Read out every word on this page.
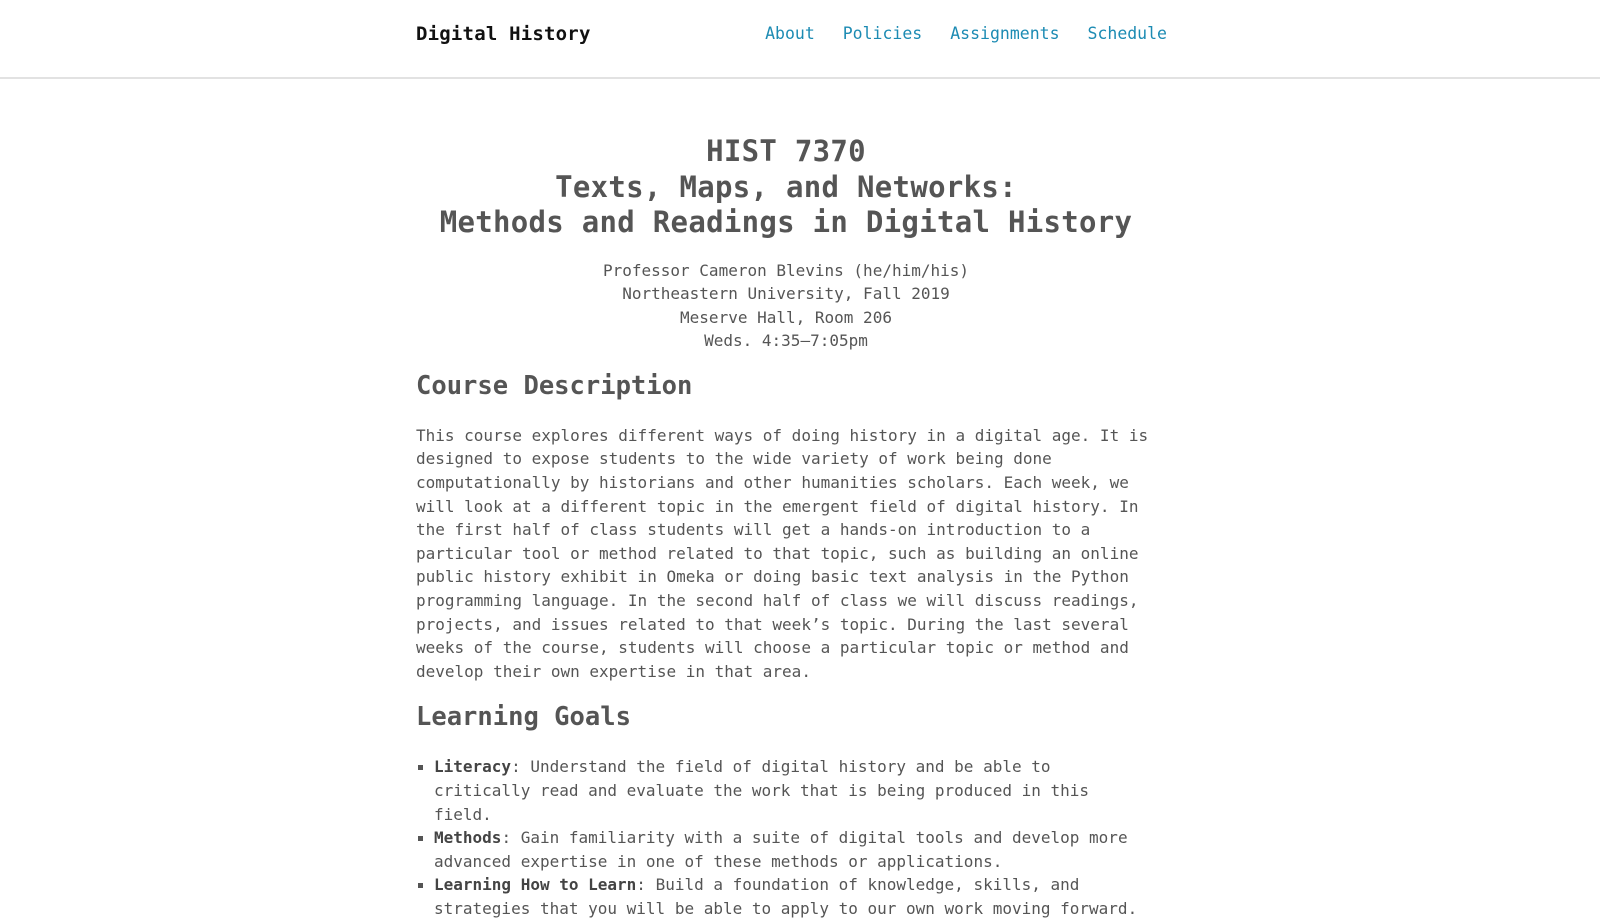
Digital History	About Policies Assignments Schedule
HIST 7370
Texts, Maps, and Networks:
Methods and Readings in Digital History
Professor Cameron Blevins (he/him/his)
Northeastern University, Fall 2019
Meserve Hall, Room 206
Weds. 4:35–7:05pm
Course Description

This course explores different ways of doing history in a digital age. It is designed to expose students to the wide variety of work being done computationally by historians and other humanities scholars. Each week, we will look at a different topic in the emergent field of digital history. In the first half of class students will get a hands-on introduction to a particular tool or method related to that topic, such as building an online public history exhibit in Omeka or doing basic text analysis in the Python programming language. In the second half of class we will discuss readings, projects, and issues related to that week’s topic. During the last several weeks of the course, students will choose a particular topic or method and develop their own expertise in that area.

Learning Goals
Literacy: Understand the field of digital history and be able to critically read and evaluate the work that is being produced in this field.
Methods: Gain familiarity with a suite of digital tools and develop more advanced expertise in one of these methods or applications.
Learning How to Learn: Build a foundation of knowledge, skills, and strategies that you will be able to apply to our own work moving forward.
